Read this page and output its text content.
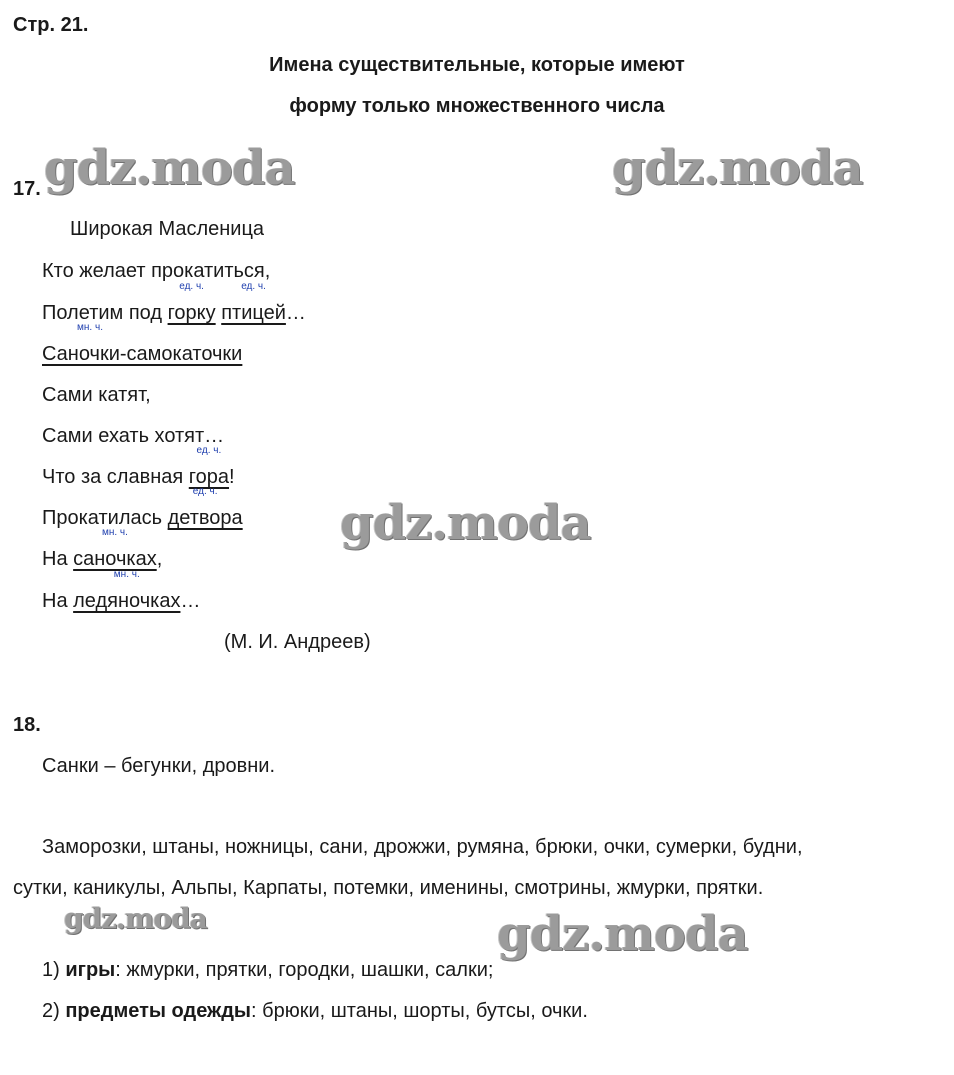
Стр. 21.
Имена существительные, которые имеют
форму только множественного числа
gdz.moda	gdz.moda
gdz.moda
gdz.moda	gdz.moda
17.
Широкая Масленица
Кто желает прокатиться,
Полетим под
ед. ч.
горку
ед. ч.
птицей…
мн. ч.
Саночки-самокаточки
Сами катят,
Сами ехать хотят…
Что за славная
ед. ч.
гора!
Прокатилась
ед. ч.
детвора
На
мн. ч.
саночках,
На
мн. ч.
ледяночках…
(М. И. Андреев)
18.
Санки – бегунки, дровни.
Заморозки, штаны, ножницы, сани, дрожжи, румяна, брюки, очки, сумерки, будни,
сутки, каникулы, Альпы, Карпаты, потемки, именины, смотрины, жмурки, прятки.
1) игры: жмурки, прятки, городки, шашки, салки;
2) предметы одежды: брюки, штаны, шорты, бутсы, очки.
